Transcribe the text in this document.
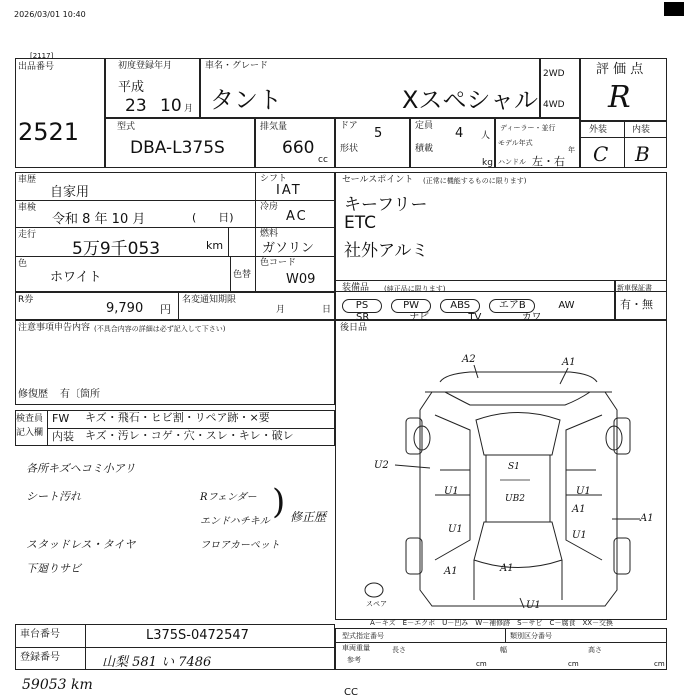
2026/03/01 10:40
[2117]
出品番号
2521
初度登録年月
平成
23 10 月
車名・グレード
タント	Xスペシャル
2WD
4WD
評 価 点
R
型式
DBA-L375S
排気量
660
cc
ドア 5
形状
定員 4 人
積載
kg
ディーラー・並行
モデル年式
年
ハンドル 左・右
外装	内装
C B
車歴
自家用
車検
令和 8 年 10 月	(　　日)
走行
5万9千053	km
色
ホワイト	色替
シフト
IAT
冷房
AC
燃料
ガソリン
色コード
W09
R券
9,790 円
名変通知期限
月	日
セールスポイント (正常に機能するものに限ります)
キーフリー
ETC
社外アルミ
装備品 (純正品に限ります)
PS	PW	ABS	エアB	AW
SR	ナビ	TV	カワ
新車保証書
有・無
注意事項申告内容 (不具合内容の詳細は必ず記入して下さい)
修復歴 有〔箇所
後日品
検査員
記入欄
FW キズ・飛石・ヒビ割・リペア跡・×要
内装 キズ・汚レ・コゲ・穴・スレ・キレ・破レ
各所キズヘコミ小アリ
シート汚れ
スタッドレス・タイヤ
下廻りサビ
Rフェンダー
エンドハチキル 修正歴
フロアカーペット
)
A2	A1
U2	S1
U1	U1
UB2
A1
U1
A1
U1
A1
A1
U1
スペア
A－キズ　E－エクボ　U－凹み　W－補修跡　S－サビ　C－腐食　XX－交換
車台番号	L375S-0472547
登録番号	山梨 581 い 7486
型式指定番号	類別区分番号
車両重量
参考
長さ
cm
幅
cm
高さ
cm
59053 km	CC
